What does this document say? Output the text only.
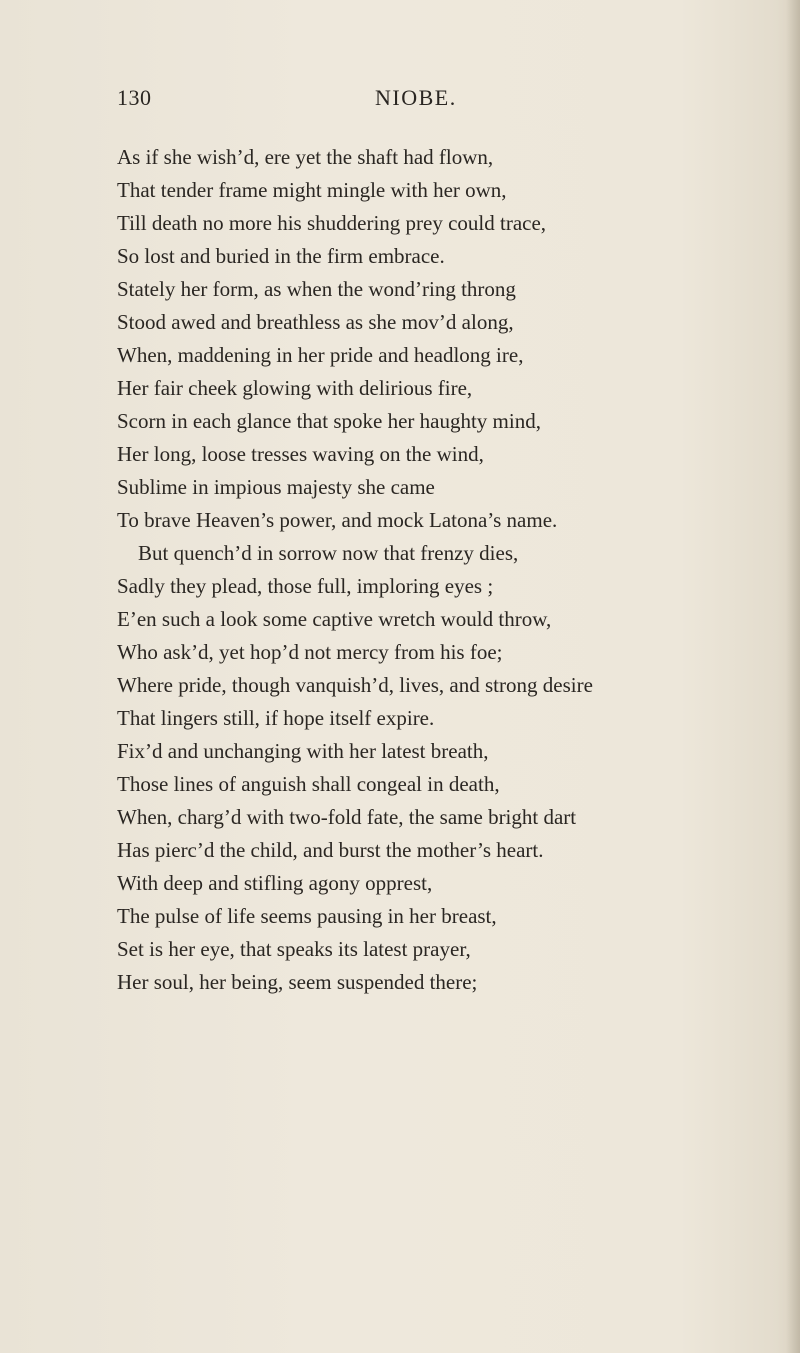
130	NIOBE.
As if she wish’d, ere yet the shaft had flown,
That tender frame might mingle with her own,
Till death no more his shuddering prey could trace,
So lost and buried in the firm embrace.
Stately her form, as when the wond’ring throng
Stood awed and breathless as she mov’d along,
When, maddening in her pride and headlong ire,
Her fair cheek glowing with delirious fire,
Scorn in each glance that spoke her haughty mind,
Her long, loose tresses waving on the wind,
Sublime in impious majesty she came
To brave Heaven’s power, and mock Latona’s name.
But quench’d in sorrow now that frenzy dies,
Sadly they plead, those full, imploring eyes ;
E’en such a look some captive wretch would throw,
Who ask’d, yet hop’d not mercy from his foe;
Where pride, though vanquish’d, lives, and strong desire
That lingers still, if hope itself expire.
Fix’d and unchanging with her latest breath,
Those lines of anguish shall congeal in death,
When, charg’d with two-fold fate, the same bright dart
Has pierc’d the child, and burst the mother’s heart.
With deep and stifling agony opprest,
The pulse of life seems pausing in her breast,
Set is her eye, that speaks its latest prayer,
Her soul, her being, seem suspended there;
